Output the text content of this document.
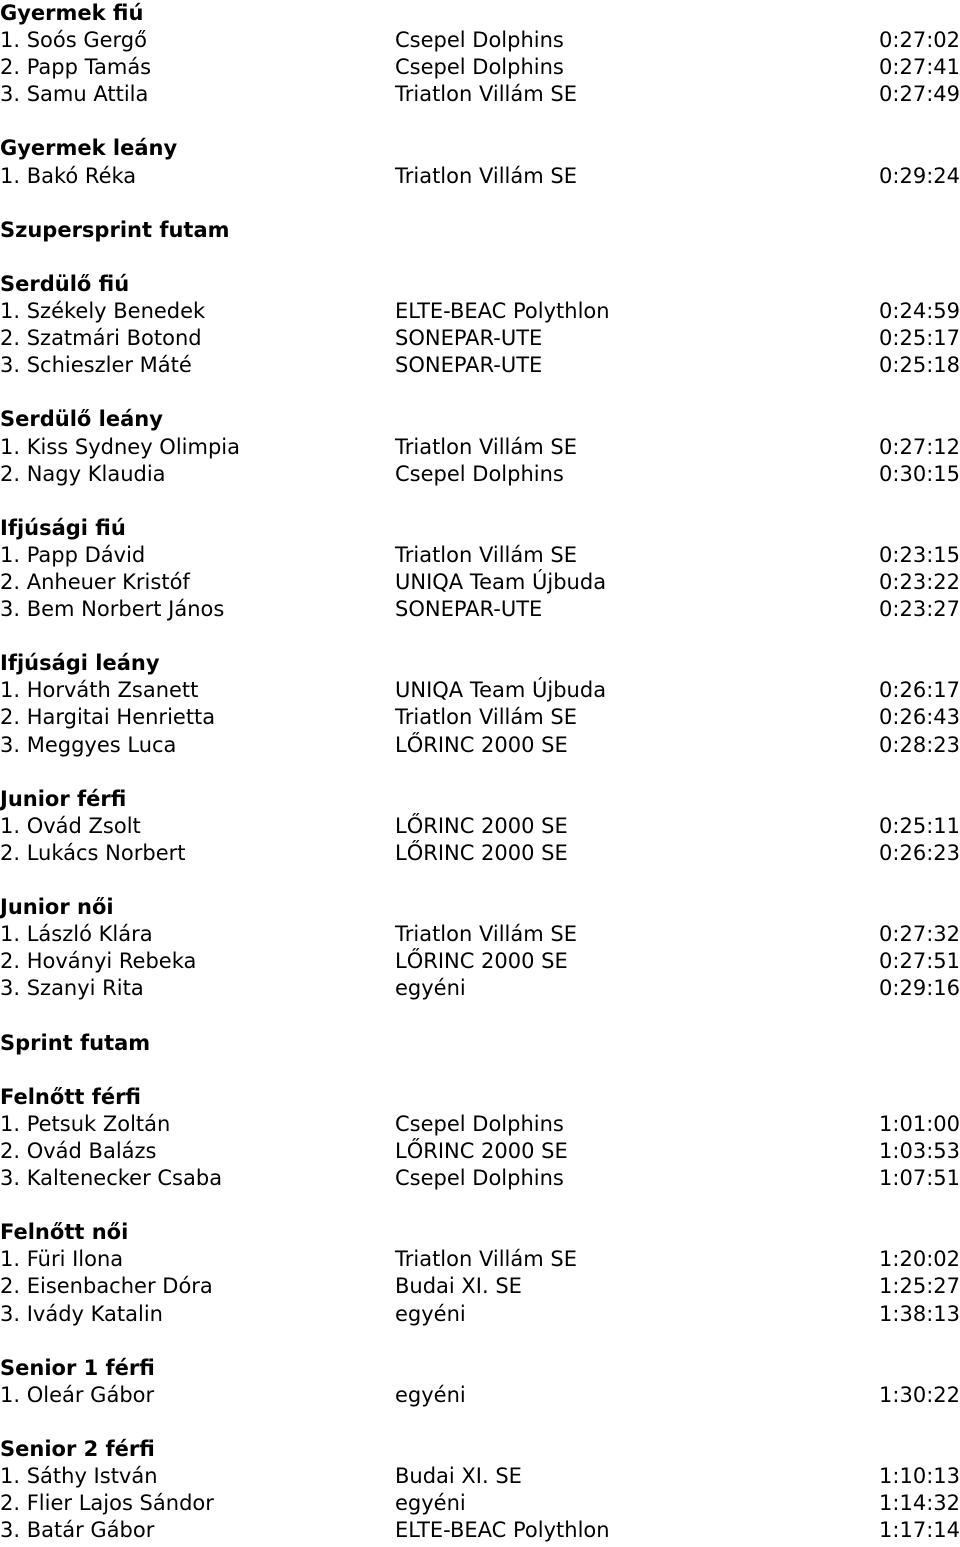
Gyermek fiú
1. Soós Gergő	Csepel Dolphins	0:27:02
2. Papp Tamás	Csepel Dolphins	0:27:41
3. Samu Attila	Triatlon Villám SE	0:27:49
Gyermek leány
1. Bakó Réka	Triatlon Villám SE	0:29:24
Szupersprint futam
Serdülő fiú
1. Székely Benedek	ELTE-BEAC Polythlon	0:24:59
2. Szatmári Botond	SONEPAR-UTE	0:25:17
3. Schieszler Máté	SONEPAR-UTE	0:25:18
Serdülő leány
1. Kiss Sydney Olimpia	Triatlon Villám SE	0:27:12
2. Nagy Klaudia	Csepel Dolphins	0:30:15
Ifjúsági fiú
1. Papp Dávid	Triatlon Villám SE	0:23:15
2. Anheuer Kristóf	UNIQA Team Újbuda	0:23:22
3. Bem Norbert János	SONEPAR-UTE	0:23:27
Ifjúsági leány
1. Horváth Zsanett	UNIQA Team Újbuda	0:26:17
2. Hargitai Henrietta	Triatlon Villám SE	0:26:43
3. Meggyes Luca	LŐRINC 2000 SE	0:28:23
Junior férfi
1. Ovád Zsolt	LŐRINC 2000 SE	0:25:11
2. Lukács Norbert	LŐRINC 2000 SE	0:26:23
Junior női
1. László Klára	Triatlon Villám SE	0:27:32
2. Hoványi Rebeka	LŐRINC 2000 SE	0:27:51
3. Szanyi Rita	egyéni	0:29:16
Sprint futam
Felnőtt férfi
1. Petsuk Zoltán	Csepel Dolphins	1:01:00
2. Ovád Balázs	LŐRINC 2000 SE	1:03:53
3. Kaltenecker Csaba	Csepel Dolphins	1:07:51
Felnőtt női
1. Füri Ilona	Triatlon Villám SE	1:20:02
2. Eisenbacher Dóra	Budai XI. SE	1:25:27
3. Ivády Katalin	egyéni	1:38:13
Senior 1 férfi
1. Oleár Gábor	egyéni	1:30:22
Senior 2 férfi
1. Sáthy István	Budai XI. SE	1:10:13
2. Flier Lajos Sándor	egyéni	1:14:32
3. Batár Gábor	ELTE-BEAC Polythlon	1:17:14
